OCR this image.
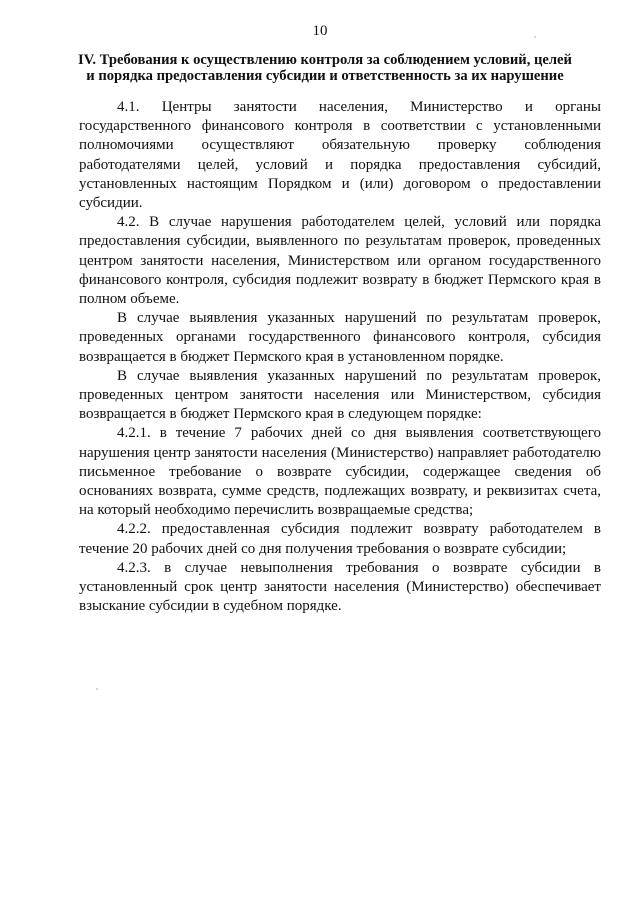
10
IV. Требования к осуществлению контроля за соблюдением условий, целей и порядка предоставления субсидии и ответственность за их нарушение

4.1. Центры занятости населения, Министерство и органы государственного финансового контроля в соответствии с установленными полномочиями осуществляют обязательную проверку соблюдения работодателями целей, условий и порядка предоставления субсидий, установленных настоящим Порядком и (или) договором о предоставлении субсидии.

4.2. В случае нарушения работодателем целей, условий или порядка предоставления субсидии, выявленного по результатам проверок, проведенных центром занятости населения, Министерством или органом государственного финансового контроля, субсидия подлежит возврату в бюджет Пермского края в полном объеме.

В случае выявления указанных нарушений по результатам проверок, проведенных органами государственного финансового контроля, субсидия возвращается в бюджет Пермского края в установленном порядке.

В случае выявления указанных нарушений по результатам проверок, проведенных центром занятости населения или Министерством, субсидия возвращается в бюджет Пермского края в следующем порядке:

4.2.1. в течение 7 рабочих дней со дня выявления соответствующего нарушения центр занятости населения (Министерство) направляет работодателю письменное требование о возврате субсидии, содержащее сведения об основаниях возврата, сумме средств, подлежащих возврату, и реквизитах счета, на который необходимо перечислить возвращаемые средства;

4.2.2. предоставленная субсидия подлежит возврату работодателем в течение 20 рабочих дней со дня получения требования о возврате субсидии;

4.2.3. в случае невыполнения требования о возврате субсидии в установленный срок центр занятости населения (Министерство) обеспечивает взыскание субсидии в судебном порядке.
